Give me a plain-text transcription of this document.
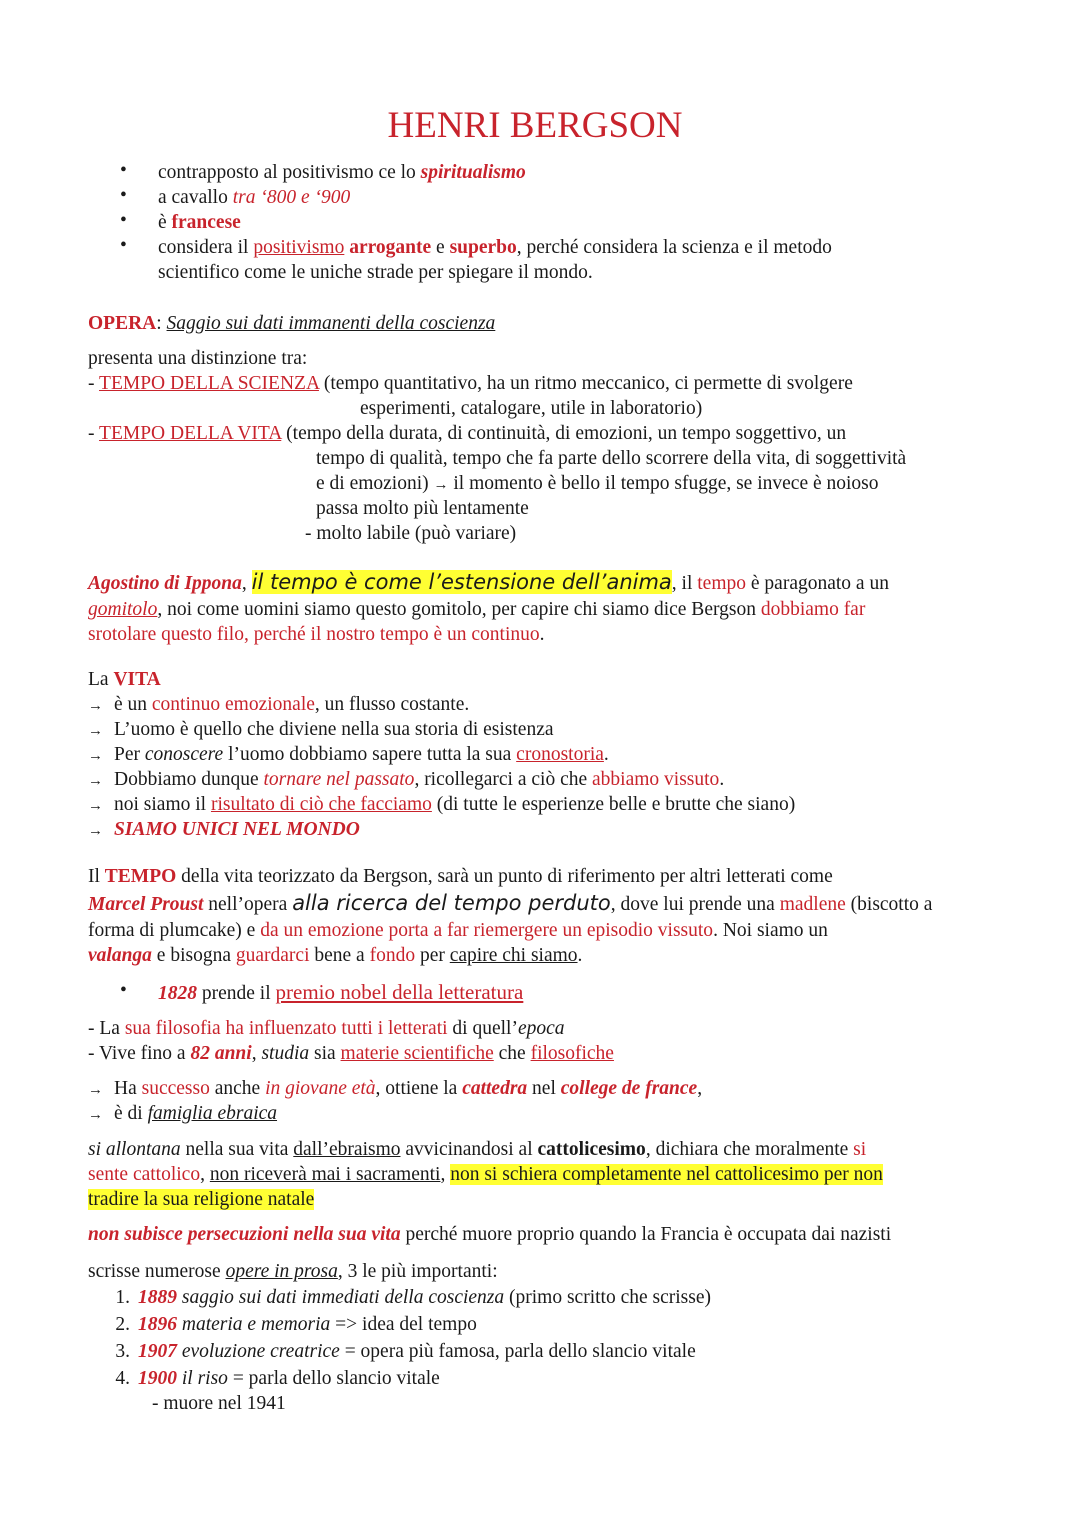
HENRI BERGSON
contrapposto al positivismo ce lo spiritualismo
a cavallo tra ‘800 e ‘900
è francese
considera il positivismo arrogante e superbo, perché considera la scienza e il metodo
scientifico come le uniche strade per spiegare il mondo.
OPERA: Saggio sui dati immanenti della coscienza
presenta una distinzione tra:
- TEMPO DELLA SCIENZA (tempo quantitativo, ha un ritmo meccanico, ci permette di svolgere
esperimenti, catalogare, utile in laboratorio)
- TEMPO DELLA VITA (tempo della durata, di continuità, di emozioni, un tempo soggettivo, un
tempo di qualità, tempo che fa parte dello scorrere della vita, di soggettività
e di emozioni) → il momento è bello il tempo sfugge, se invece è noioso
passa molto più lentamente
- molto labile (può variare)
Agostino di Ippona, il tempo è come l’estensione dell’anima, il tempo è paragonato a un
gomitolo, noi come uomini siamo questo gomitolo, per capire chi siamo dice Bergson dobbiamo far
srotolare questo filo, perché il nostro tempo è un continuo.
La VITA
→ è un continuo emozionale, un flusso costante.
→ L’uomo è quello che diviene nella sua storia di esistenza
→ Per conoscere l’uomo dobbiamo sapere tutta la sua cronostoria.
→ Dobbiamo dunque tornare nel passato, ricollegarci a ciò che abbiamo vissuto.
→ noi siamo il risultato di ciò che facciamo (di tutte le esperienze belle e brutte che siano)
→ SIAMO UNICI NEL MONDO
Il TEMPO della vita teorizzato da Bergson, sarà un punto di riferimento per altri letterati come
Marcel Proust nell’opera alla ricerca del tempo perduto, dove lui prende una madlene (biscotto a
forma di plumcake) e da un emozione porta a far riemergere un episodio vissuto. Noi siamo un
valanga e bisogna guardarci bene a fondo per capire chi siamo.
1828 prende il premio nobel della letteratura
- La sua filosofia ha influenzato tutti i letterati di quell’epoca
- Vive fino a 82 anni, studia sia materie scientifiche che filosofiche
→ Ha successo anche in giovane età, ottiene la cattedra nel college de france,
→ è di famiglia ebraica
si allontana nella sua vita dall’ebraismo avvicinandosi al cattolicesimo, dichiara che moralmente si
sente cattolico, non riceverà mai i sacramenti, non si schiera completamente nel cattolicesimo per non
tradire la sua religione natale
non subisce persecuzioni nella sua vita perché muore proprio quando la Francia è occupata dai nazisti
scrisse numerose opere in prosa, 3 le più importanti:
1. 1889 saggio sui dati immediati della coscienza (primo scritto che scrisse)
2. 1896 materia e memoria => idea del tempo
3. 1907 evoluzione creatrice = opera più famosa, parla dello slancio vitale
4. 1900 il riso = parla dello slancio vitale
- muore nel 1941
